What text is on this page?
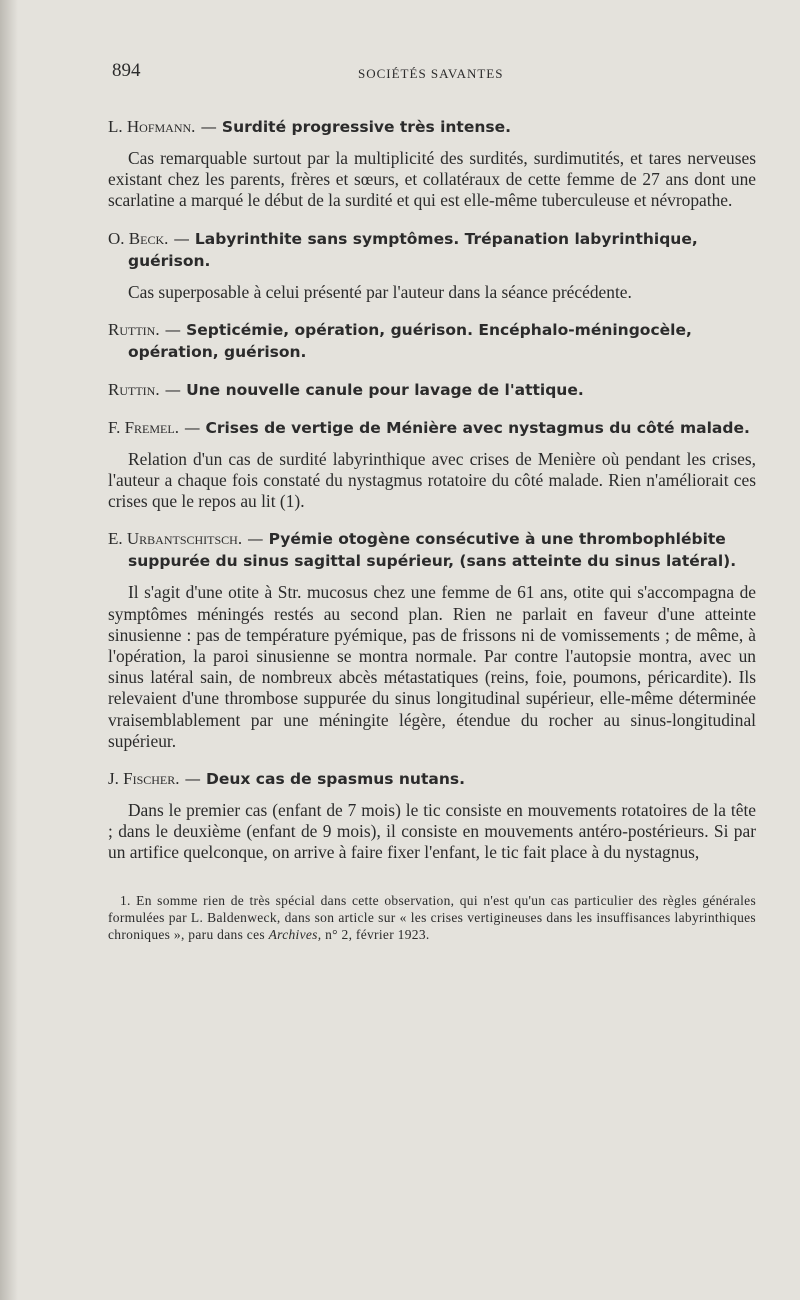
894	SOCIÉTÉS SAVANTES

L. Hofmann. — Surdité progressive très intense.

Cas remarquable surtout par la multiplicité des surdités, surdimutités, et tares nerveuses existant chez les parents, frères et sœurs, et collatéraux de cette femme de 27 ans dont une scarlatine a marqué le début de la surdité et qui est elle-même tuberculeuse et névropathe.

O. Beck. — Labyrinthite sans symptômes. Trépanation labyrinthique, guérison.

Cas superposable à celui présenté par l'auteur dans la séance précédente.

Ruttin. — Septicémie, opération, guérison. Encéphalo-méningocèle, opération, guérison.

Ruttin. — Une nouvelle canule pour lavage de l'attique.

F. Fremel. — Crises de vertige de Ménière avec nystagmus du côté malade.

Relation d'un cas de surdité labyrinthique avec crises de Menière où pendant les crises, l'auteur a chaque fois constaté du nystagmus rotatoire du côté malade. Rien n'améliorait ces crises que le repos au lit (1).

E. Urbantschitsch. — Pyémie otogène consécutive à une thrombophlébite suppurée du sinus sagittal supérieur, (sans atteinte du sinus latéral).

Il s'agit d'une otite à Str. mucosus chez une femme de 61 ans, otite qui s'accompagna de symptômes méningés restés au second plan. Rien ne parlait en faveur d'une atteinte sinusienne : pas de température pyémique, pas de frissons ni de vomissements ; de même, à l'opération, la paroi sinusienne se montra normale. Par contre l'autopsie montra, avec un sinus latéral sain, de nombreux abcès métastatiques (reins, foie, poumons, péricardite). Ils relevaient d'une thrombose suppurée du sinus longitudinal supérieur, elle-même déterminée vraisemblablement par une méningite légère, étendue du rocher au sinus-longitudinal supérieur.

J. Fischer. — Deux cas de spasmus nutans.

Dans le premier cas (enfant de 7 mois) le tic consiste en mouvements rotatoires de la tête ; dans le deuxième (enfant de 9 mois), il consiste en mouvements antéro-postérieurs. Si par un artifice quelconque, on arrive à faire fixer l'enfant, le tic fait place à du nystagnus,

1. En somme rien de très spécial dans cette observation, qui n'est qu'un cas particulier des règles générales formulées par L. Baldenweck, dans son article sur « les crises vertigineuses dans les insuffisances labyrinthiques chroniques », paru dans ces Archives, n° 2, février 1923.
